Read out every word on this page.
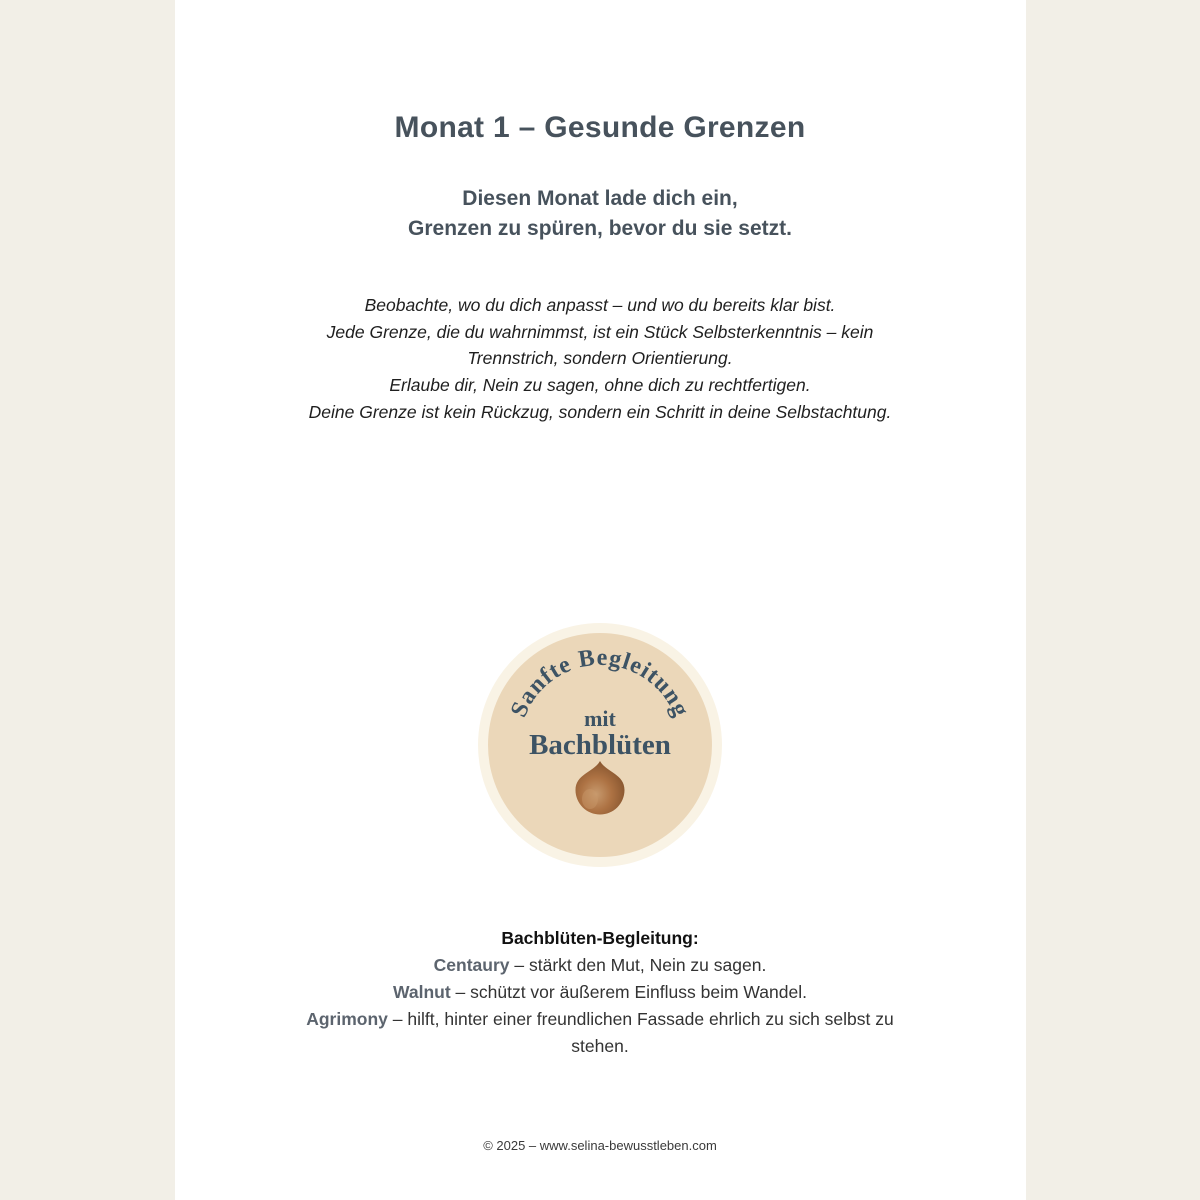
Monat 1 – Gesunde Grenzen
Diesen Monat lade dich ein,
Grenzen zu spüren, bevor du sie setzt.
Beobachte, wo du dich anpasst – und wo du bereits klar bist.
Jede Grenze, die du wahrnimmst, ist ein Stück Selbsterkenntnis – kein
Trennstrich, sondern Orientierung.
Erlaube dir, Nein zu sagen, ohne dich zu rechtfertigen.
Deine Grenze ist kein Rückzug, sondern ein Schritt in deine Selbstachtung.
Sanfte Begleitung
mit
Bachblüten
Bachblüten-Begleitung:
Centaury – stärkt den Mut, Nein zu sagen.
Walnut – schützt vor äußerem Einfluss beim Wandel.
Agrimony – hilft, hinter einer freundlichen Fassade ehrlich zu sich selbst zu stehen.
© 2025 – www.selina-bewusstleben.com
